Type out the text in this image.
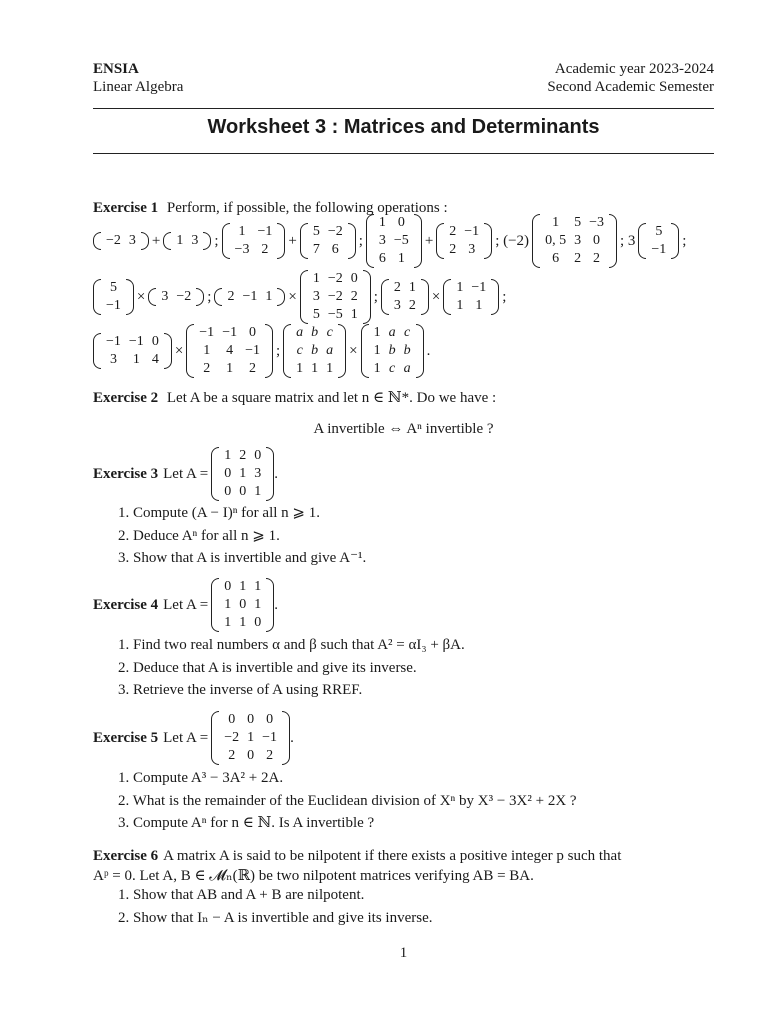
ENSIA
Linear Algebra
Academic year 2023-2024
Second Academic Semester
Worksheet 3 : Matrices and Determinants
Exercise 1 Perform, if possible, the following operations :
−2	3 + 1	3 ;
1	−1
−3	2
+
5	−2
7	6
;
1	0
3	−5
6	1
+
2	−1
2	3
; (−2)
1	5	−3
0, 5	3	0
6	2	2
; 3
5
−1
;
5
−1
× 3	−2 ; 2	−1	1 ×
1	−2	0
3	−2	2
5	−5	1
;
2	1
3	2
×
1	−1
1	1
;
−1	−1	0
3	1	4
×
−1	−1	0
1	4	−1
2	1	2
;
a	b	c
c	b	a
1	1	1
×
1	a	c
1	b	b
1	c	a
.
Exercise 2 Let A be a square matrix and let n ∈ ℕ*. Do we have :
A invertible ⇔ Aⁿ invertible ?
Exercise 3 Let A =
1	2	0
0	1	3
0	0	1
.
1. Compute (A − I)ⁿ for all n ⩾ 1.
2. Deduce Aⁿ for all n ⩾ 1.
3. Show that A is invertible and give A⁻¹.
Exercise 4 Let A =
0	1	1
1	0	1
1	1	0
.
1. Find two real numbers α and β such that A² = αI₃ + βA.
2. Deduce that A is invertible and give its inverse.
3. Retrieve the inverse of A using RREF.
Exercise 5 Let A =
0	0	0
−2	1	−1
2	0	2
.
1. Compute A³ − 3A² + 2A.
2. What is the remainder of the Euclidean division of Xⁿ by X³ − 3X² + 2X ?
3. Compute Aⁿ for n ∈ ℕ. Is A invertible ?
Exercise 6 A matrix A is said to be nilpotent if there exists a positive integer p such that
Aᵖ = 0. Let A, B ∈ 𝓜ₙ(ℝ) be two nilpotent matrices verifying AB = BA.
1. Show that AB and A + B are nilpotent.
2. Show that Iₙ − A is invertible and give its inverse.
1
